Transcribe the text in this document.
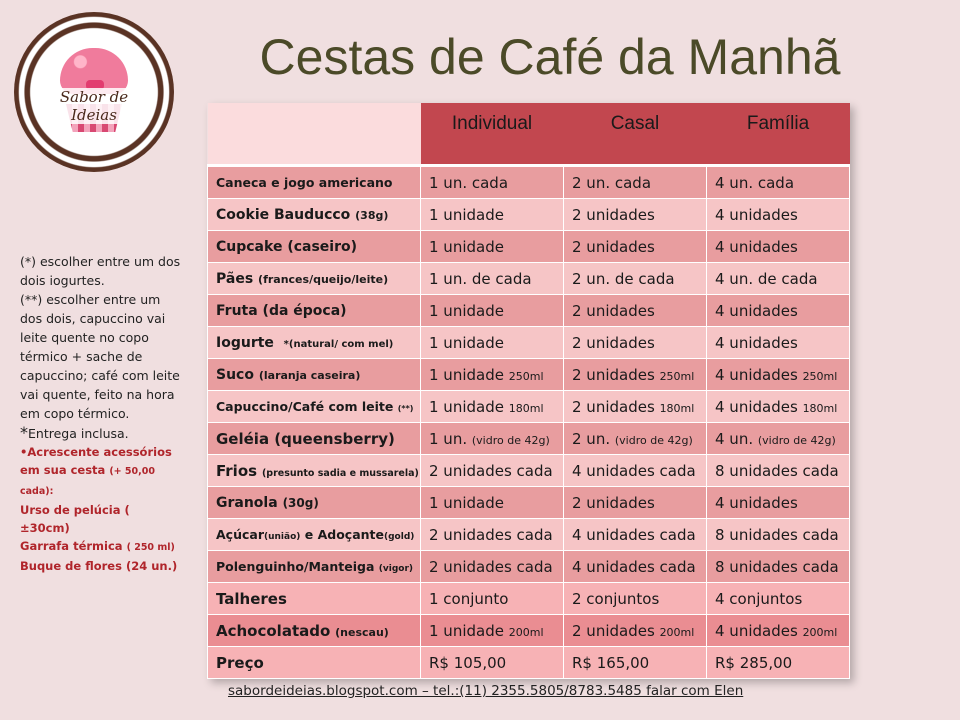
Sabor de Ideias
Cestas de Café da Manhã

(*) escolher entre um dos dois iogurtes.

(**) escolher entre um dos dois, capuccino vai leite quente no copo térmico + sache de capuccino; café com leite vai quente, feito na hora em copo térmico.

*Entrega inclusa.

•Acrescente acessórios em sua cesta (+ 50,00 cada):
Urso de pelúcia ( ±30cm)
Garrafa térmica ( 250 ml)
Buque de flores (24 un.)

	Individual	Casal	Família
Caneca e jogo americano	1 un. cada	2 un. cada	4 un. cada
Cookie Bauducco (38g)	1 unidade	2 unidades	4 unidades
Cupcake (caseiro)	1 unidade	2 unidades	4 unidades
Pães (frances/queijo/leite)	1 un. de cada	2 un. de cada	4 un. de cada
Fruta (da época)	1 unidade	2 unidades	4 unidades
Iogurte *(natural/ com mel)	1 unidade	2 unidades	4 unidades
Suco (laranja caseira)	1 unidade 250ml	2 unidades 250ml	4 unidades 250ml
Capuccino/Café com leite (**)	1 unidade 180ml	2 unidades 180ml	4 unidades 180ml
Geléia (queensberry)	1 un. (vidro de 42g)	2 un. (vidro de 42g)	4 un. (vidro de 42g)
Frios (presunto sadia e mussarela)	2 unidades cada	4 unidades cada	8 unidades cada
Granola (30g)	1 unidade	2 unidades	4 unidades
Açúcar(união) e Adoçante(gold)	2 unidades cada	4 unidades cada	8 unidades cada
Polenguinho/Manteiga (vigor)	2 unidades cada	4 unidades cada	8 unidades cada
Talheres	1 conjunto	2 conjuntos	4 conjuntos
Achocolatado (nescau)	1 unidade 200ml	2 unidades 200ml	4 unidades 200ml
Preço	R$ 105,00	R$ 165,00	R$ 285,00
sabordeideias.blogspot.com – tel.:(11) 2355.5805/8783.5485 falar com Elen
